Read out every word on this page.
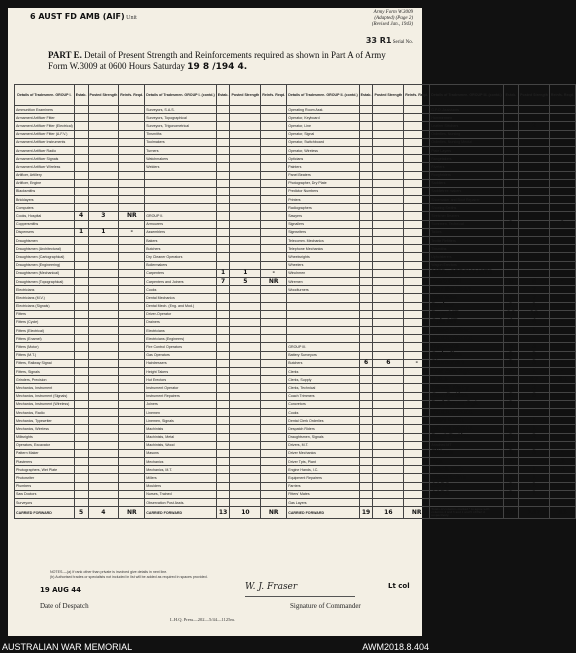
6 AUST FD AMB (AIF) Unit
Army Form W.3009
(Adapted) (Page 2)
(Revised Jan., 1943)
33 R1 Serial No.
PART E. Detail of Present Strength and Reinforcements required as shown in Part A of Army Form W.3009 at 0600 Hours Saturday 19 8 /194 4.
Details of Tradesmen. GROUP I.	Estab.	Posted Strength	Reinfs. Reqd.	Details of Tradesmen. GROUP I. (contd.)	Estab.	Posted Strength	Reinfs. Reqd.	Details of Tradesmen. GROUP II. (contd.)	Estab.	Posted Strength	Reinfs. Reqd.	Details of Tradesmen. GROUP III. (contd.)	Estab.	Posted Strength	Reinfs. Reqd.
Ammunition Examiners				Surveyors, S.A.S.				Operating Room Asst.				G.P.O. Assistants			
Armament Artificer Fitter				Surveyors, Topographical				Operator, Keyboard				Hammermen			
Armament Artificer Fitter (Electrical)				Surveyors, Trigonometrical				Operator, Line				Leather Stitchers	28	2	
Armament Artificer Fitter (A.F.V.)				Tinsmiths				Operator, Signal				Orderlies, Nursing			
Armament Artificer Instruments				Toolmakers				Operator, Switchboard				Orderlies, Nursing Mental			
Armament Artificer Radio				Turners				Operator, Wireless				Plate Layers			
Armament Artificer Signals				Watchmakers				Opticians				Rangetakers			
Armament Artificer Wireless				Welders				Painters				Riveters			
Artificer, Artillery								Panel Beaters				Roughriders			
Artificer, Engine								Photographer, Dry Plate				Saddlers			
Blacksmiths								Predictor Numbers				Saddletree makers			
Bricklayers								Printers				Shoemaker and Boot Repairer			
Computers								Radiographers				Shoeing Smiths			
Cooks, Hospital	4	3	NR	GROUP II.				Sawyers				Stretcher Bearers			
Coppersmiths				Armourers				Signallers				Storemen, Technical	1	-	1
Dispensers	1	1	-	Assemblers				Signwriters				Tailors			
Draughtsmen				Bakers				Telecomm. Mechanics				Textile Refitters			
Draughtsmen (Architectural)				Butchers				Telephone Mechanics				Tinsmiths			
Draughtsmen (Cartographical)				Dry Cleaner Operators				Wheelwrights				Upholsterers			
Draughtsmen (Engineering)				Boilermakers				Wheelers				Wagon Erectors			
Draughtsmen (Mechanical)				Carpenters	1	1	-	Winchmen				MED. SPECIALISTS			
Draughtsmen (Topographical)				Carpenters and Joiners	7	5	NR	Wiremen				Amb Ord	8	8	-
Electricians				Cooks				Woodturners				Dvr Batmen	2	7	-
Electricians (M.V.)				Dental Mechanics								Batmen	7	7	-
Electricians (Signals)				Dental Mech. (Eng. and Mod.)								Barber	1	1	-
Fitters				Driver-Operator								Dvrs MT	16	18	-
Fitters (Cycle)				Drainers								Cpls MT	4	4	-
Fitters (Electrical)				Electricians								Chiropodist	1	1	-
Fitters (Enamel)				Electricians (Engineers)								XXXXXXXXX			
Fitters (Motor)				Fire Control Operators				GROUP III.				Hygiene	3	3	-
Fitters (M.T.)				Gas Operators				Battery Surveyors				Orderlies	3	3	-
Fitters, Railway Signal				Hairdressers				Butchers	6	6	-	Storemen	3	3	-
Fitters, Signals				Height Takers				Clerks				Lab Ass Sgt	1	1	-
Grinders, Precision				Hut Erectors				Clerks, Supply				S.B.s	98	67	31
Mechanics, Instrument				Instrument Operator				Clerks, Technical				Water Duty	2	2	-
Mechanics, Instrument (Signals)				Instrument Repairers				Coach Trimmers				Gen Duties	8	8	-
Mechanics, Instrument (Wireless)				Joiners				Concretors				Red Cross Sgt	1		-
Mechanics, Radio				Linemen				Cooks				XXXXXXXXX			
Mechanics, Typewriter				Linemen, Signals				Dental Clerk Orderlies				RSM WO1	1	1	-
Mechanics, Wireless				Machinists				Despatch Riders				RQMS WO11	1	1	-
Millwrights				Machinists, Metal				Draughtsmen, Signals				Regt Duties	2	2	-
Operators, Excavator				Machinists, Wood				Drivers, M.T.				Attached MT			
Pattern Maker				Masons				Driver Mechanics				Fitters	3	3	-
Plasterers				Mechanics				Driver Tpts, Plant				Sgt	1	-	3
Photographers, Wet Plate				Mechanics, M.T.				Engine Hands, I.C.				Mech WO	2	1	1
Photowriter				Millers				Equipment Repairers				Electrician	1	1	-
Plumbers				Moulders				Farriers				AAPC	1	1	-
Saw Doctors				Nurses, Trained				Fitters' Mates				AAPC	1	1	-
Surveyors				Observation Post Assts.				Gas Layers							
CARRIED FORWARD	5	4	NR	CARRIED FORWARD	13	10	NR	CARRIED FORWARD	19	16	NR	Totals of columns marked * to agree with columns 4 and 5 and 1 and 5 of Part A respectively.	222	137	33
NOTES.—(a) If rank other than private is involved give details in next line.
(b) Authorised trades or specialists not included in list will be added as required in spaces provided.
19 AUG 44	W. J. Fraser	Lt col
Date of Despatch	Signature of Commander
L.H.Q. Press—202—5/44—1125m.
AUSTRALIAN WAR MEMORIAL	AWM2018.8.404
